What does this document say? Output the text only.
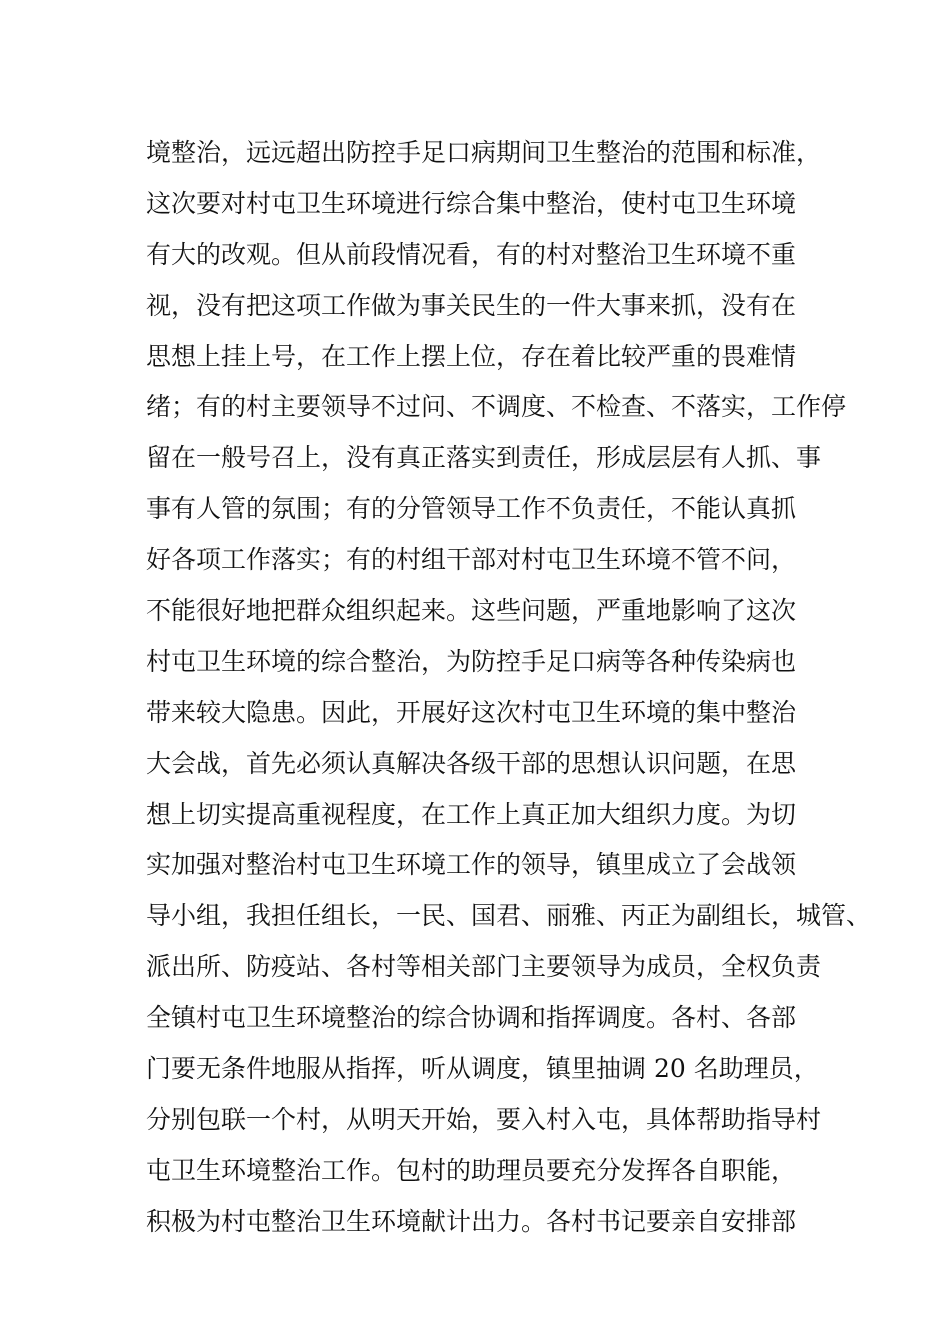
境整治，远远超出防控手足口病期间卫生整治的范围和标准，
这次要对村屯卫生环境进行综合集中整治，使村屯卫生环境
有大的改观。但从前段情况看，有的村对整治卫生环境不重
视，没有把这项工作做为事关民生的一件大事来抓，没有在
思想上挂上号，在工作上摆上位，存在着比较严重的畏难情
绪；有的村主要领导不过问、不调度、不检查、不落实，工作停
留在一般号召上，没有真正落实到责任，形成层层有人抓、事
事有人管的氛围；有的分管领导工作不负责任，不能认真抓
好各项工作落实；有的村组干部对村屯卫生环境不管不问，
不能很好地把群众组织起来。这些问题，严重地影响了这次
村屯卫生环境的综合整治，为防控手足口病等各种传染病也
带来较大隐患。因此，开展好这次村屯卫生环境的集中整治
大会战，首先必须认真解决各级干部的思想认识问题，在思
想上切实提高重视程度，在工作上真正加大组织力度。为切
实加强对整治村屯卫生环境工作的领导，镇里成立了会战领
导小组，我担任组长，一民、国君、丽雅、丙正为副组长，城管、
派出所、防疫站、各村等相关部门主要领导为成员，全权负责
全镇村屯卫生环境整治的综合协调和指挥调度。各村、各部
门要无条件地服从指挥，听从调度，镇里抽调 20 名助理员，
分别包联一个村，从明天开始，要入村入屯，具体帮助指导村
屯卫生环境整治工作。包村的助理员要充分发挥各自职能，
积极为村屯整治卫生环境献计出力。各村书记要亲自安排部
